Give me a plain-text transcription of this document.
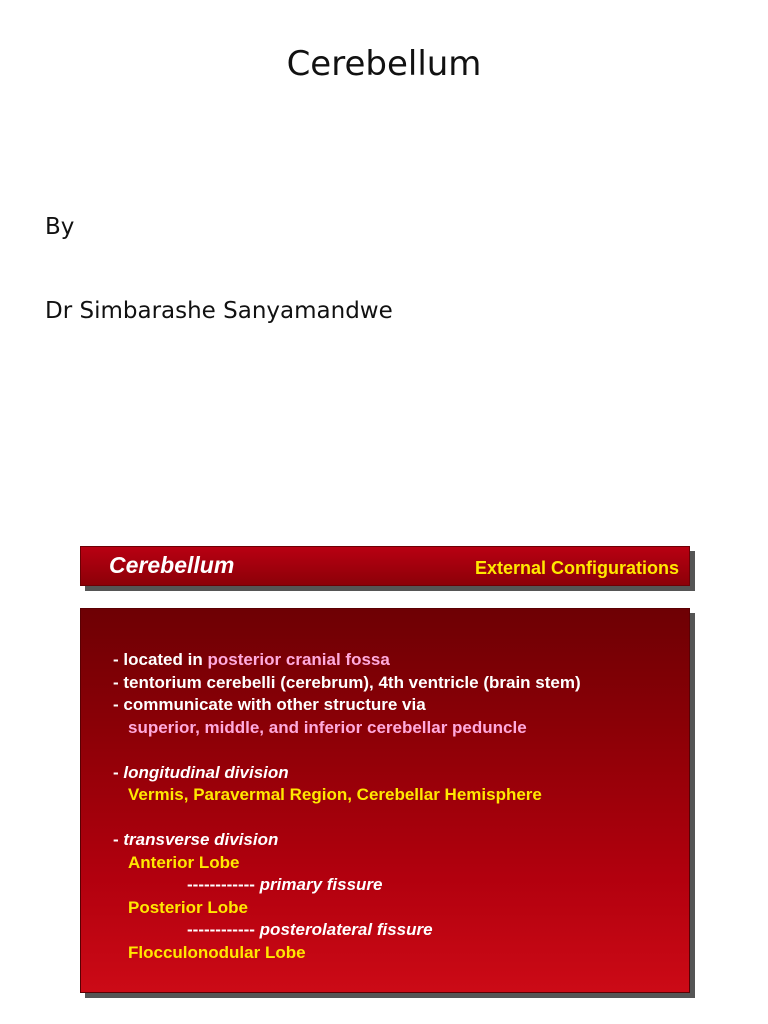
Cerebellum
By
Dr Simbarashe Sanyamandwe
Cerebellum	External Configurations
- located in posterior cranial fossa
- tentorium cerebelli (cerebrum), 4th ventricle (brain stem)
- communicate with other structure via
superior, middle, and inferior cerebellar peduncle
- longitudinal division
Vermis, Paravermal Region, Cerebellar Hemisphere
- transverse division
Anterior Lobe
------------ primary fissure
Posterior Lobe
------------ posterolateral fissure
Flocculonodular Lobe
